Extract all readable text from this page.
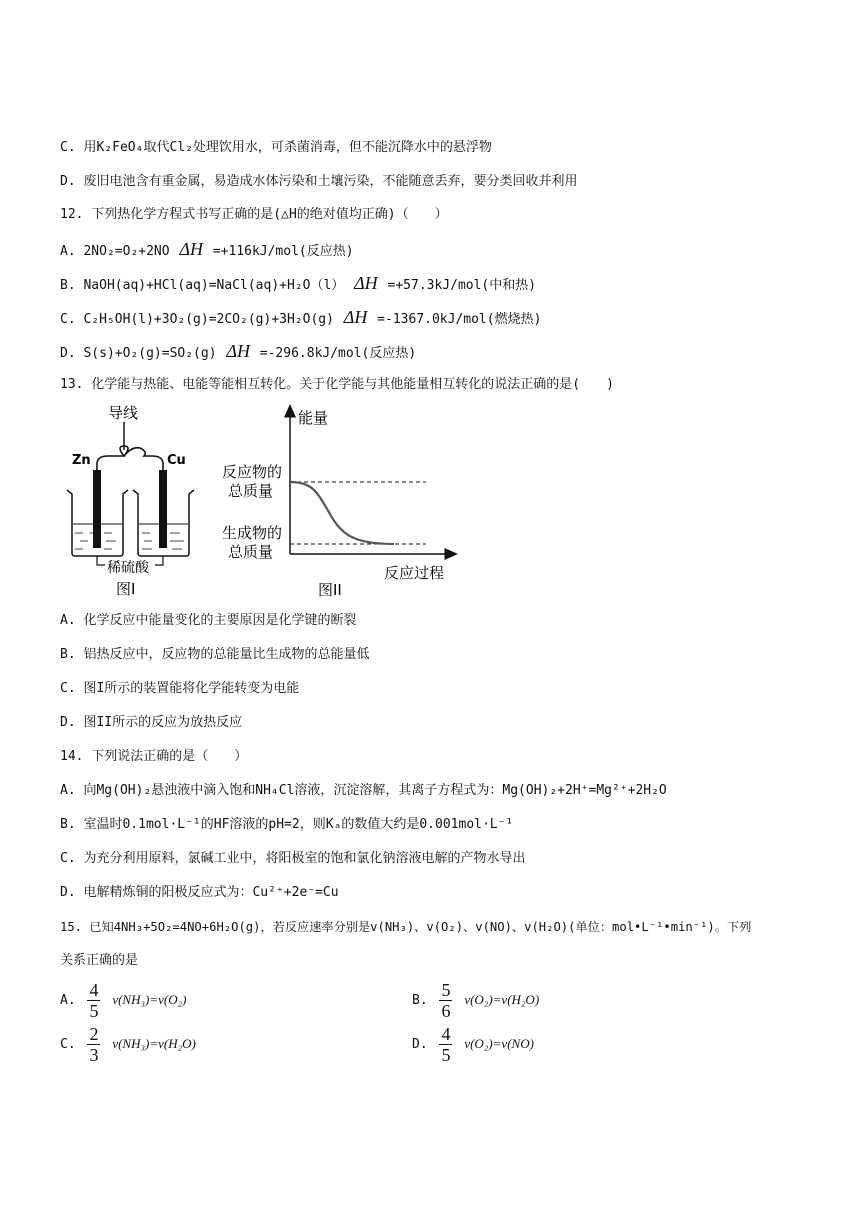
C. 用K₂FeO₄取代Cl₂处理饮用水，可杀菌消毒，但不能沉降水中的悬浮物
D. 废旧电池含有重金属，易造成水体污染和土壤污染，不能随意丢弃，要分类回收并利用
12. 下列热化学方程式书写正确的是(△H的绝对值均正确)（　　）
A. 2NO₂=O₂+2NO ΔH =+116kJ/mol(反应热)
B. NaOH(aq)+HCl(aq)=NaCl(aq)+H₂O（l） ΔH =+57.3kJ/mol(中和热)
C. C₂H₅OH(l)+3O₂(g)=2CO₂(g)+3H₂O(g) ΔH =-1367.0kJ/mol(燃烧热)
D. S(s)+O₂(g)=SO₂(g) ΔH =-296.8kJ/mol(反应热)
13. 化学能与热能、电能等能相互转化。关于化学能与其他能量相互转化的说法正确的是(　　)
导线
Zn	Cu
稀硫酸
图I
能量
反应物的
总质量
生成物的
总质量
反应过程
图II
A. 化学反应中能量变化的主要原因是化学键的断裂
B. 铝热反应中，反应物的总能量比生成物的总能量低
C. 图I所示的装置能将化学能转变为电能
D. 图II所示的反应为放热反应
14. 下列说法正确的是（　　）
A. 向Mg(OH)₂悬浊液中滴入饱和NH₄Cl溶液，沉淀溶解，其离子方程式为：Mg(OH)₂+2H⁺=Mg²⁺+2H₂O
B. 室温时0.1mol·L⁻¹的HF溶液的pH=2，则Kₐ的数值大约是0.001mol·L⁻¹
C. 为充分利用原料，氯碱工业中，将阳极室的饱和氯化钠溶液电解的产物水导出
D. 电解精炼铜的阳极反应式为：Cu²⁺+2e⁻=Cu
15. 已知4NH₃+5O₂=4NO+6H₂O(g)，若反应速率分别是v(NH₃)、v(O₂)、v(NO)、v(H₂O)(单位：mol•L⁻¹•min⁻¹)。下列
关系正确的是
A. $\frac{4}{5} v(NH_3)=v(O_2)$	B. $\frac{5}{6} v(O_2)=v(H_2O)$
C. $\frac{2}{3} v(NH_3)=v(H_2O)$	D. $\frac{4}{5} v(O_2)=v(NO)$
